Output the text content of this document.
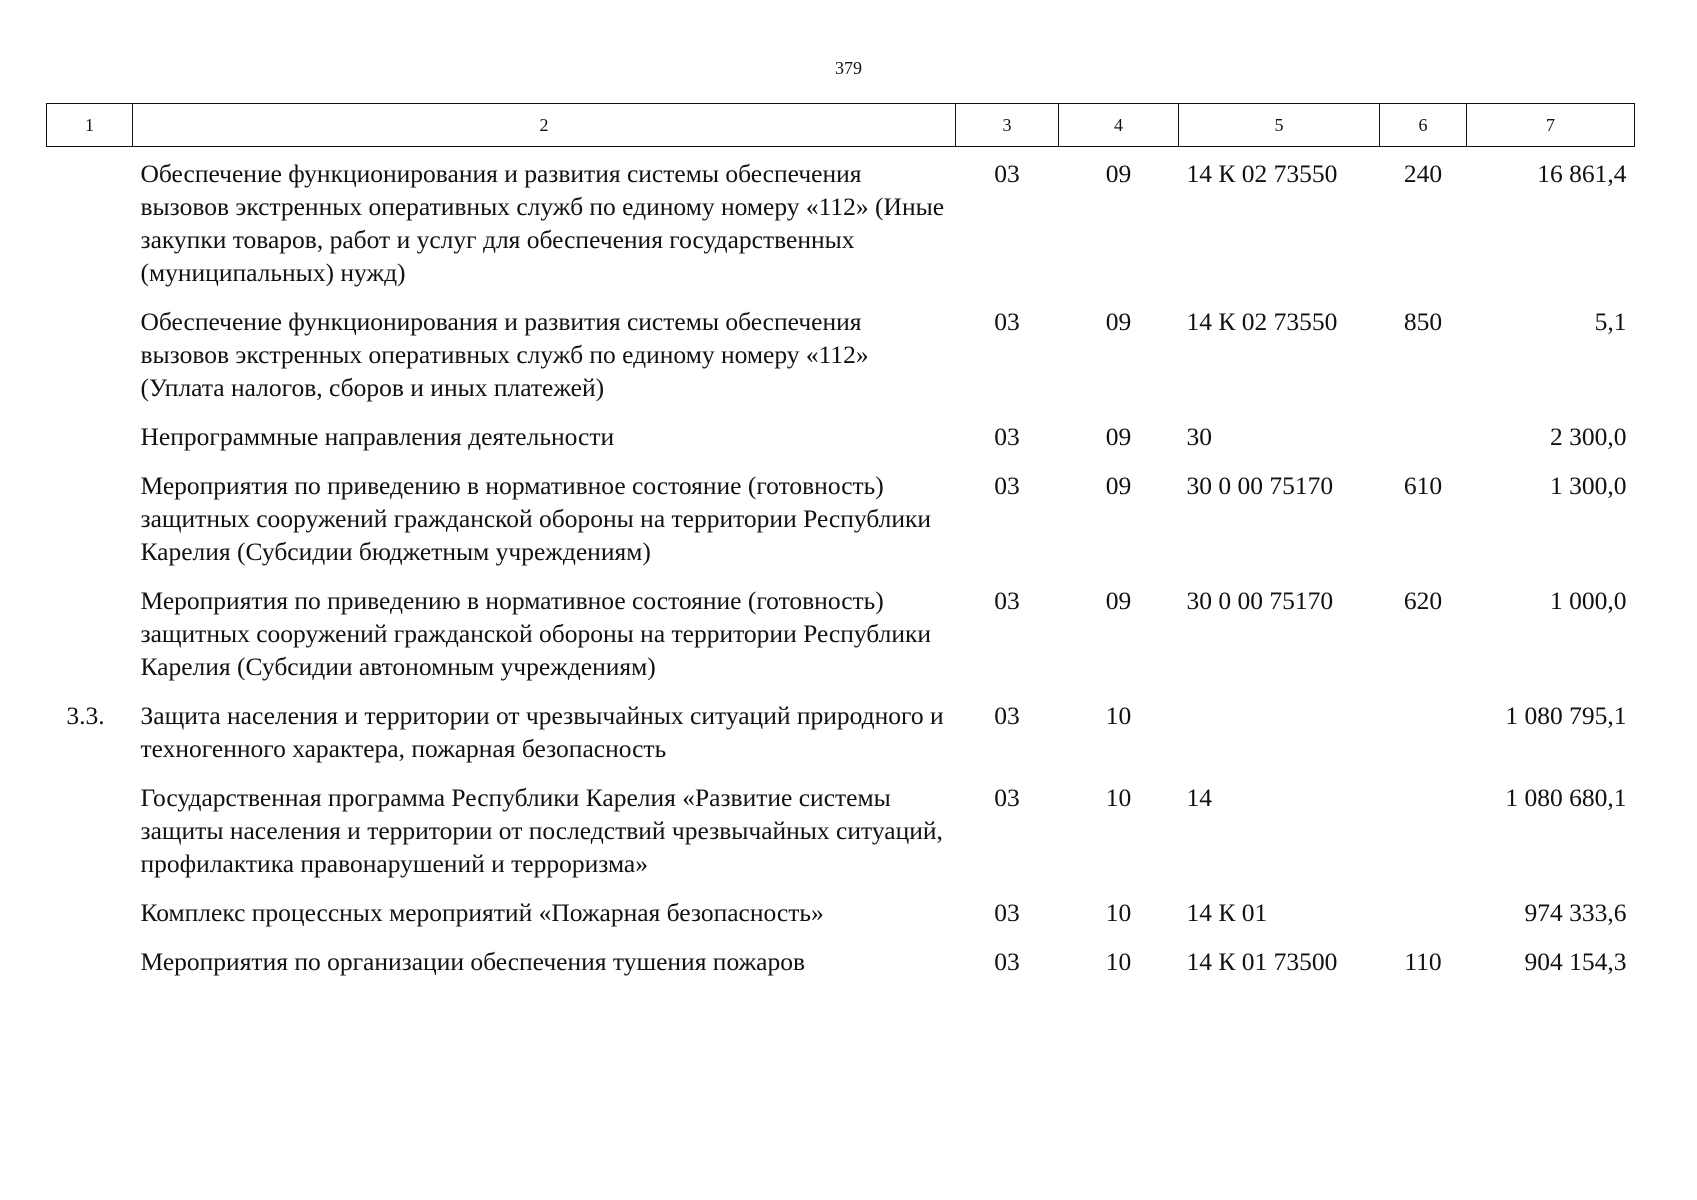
379
1	2	3	4	5	6	7
	Обеспечение функционирования и развития системы обеспечения вызовов экстренных оперативных служб по единому номеру «112» (Иные закупки товаров, работ и услуг для обеспечения государственных (муниципальных) нужд)	03	09	14 К 02 73550	240	16 861,4
	Обеспечение функционирования и развития системы обеспечения вызовов экстренных оперативных служб по единому номеру «112» (Уплата налогов, сборов и иных платежей)	03	09	14 К 02 73550	850	5,1
	Непрограммные направления деятельности	03	09	30		2 300,0
	Мероприятия по приведению в нормативное состояние (готовность) защитных сооружений гражданской обороны на территории Республики Карелия (Субсидии бюджетным учреждениям)	03	09	30 0 00 75170	610	1 300,0
	Мероприятия по приведению в нормативное состояние (готовность) защитных сооружений гражданской обороны на территории Республики Карелия (Субсидии автономным учреждениям)	03	09	30 0 00 75170	620	1 000,0
3.3.	Защита населения и территории от чрезвычайных ситуаций природного и техногенного характера, пожарная безопасность	03	10			1 080 795,1
	Государственная программа Республики Карелия «Развитие системы защиты населения и территории от последствий чрезвычайных ситуаций, профилактика правонарушений и терроризма»	03	10	14		1 080 680,1
	Комплекс процессных мероприятий «Пожарная безопасность»	03	10	14 К 01		974 333,6
	Мероприятия по организации обеспечения тушения пожаров	03	10	14 К 01 73500	110	904 154,3
